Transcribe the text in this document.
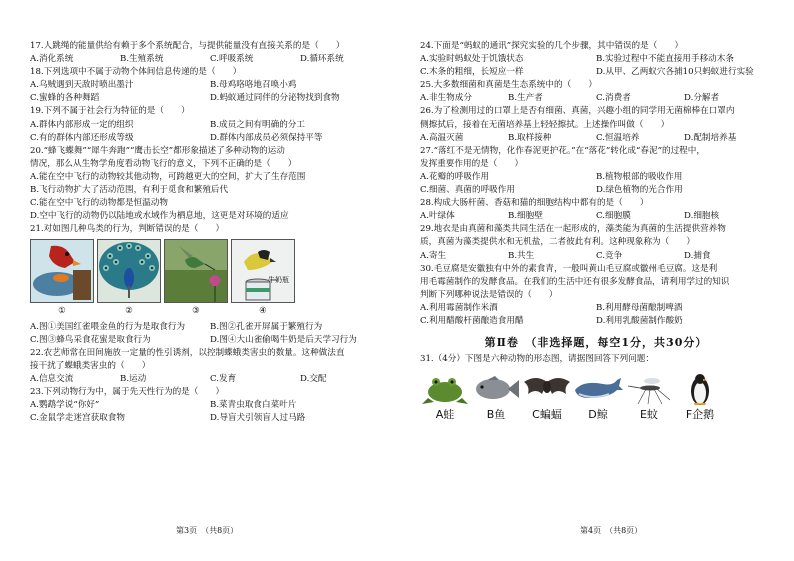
17.人跳绳的能量供给有赖于多个系统配合，与提供能量没有直接关系的是（　　）
A.消化系统	B.生殖系统	C.呼吸系统	D.循环系统
18.下列选项中不属于动物个体间信息传递的是（　　）
A.乌贼遇到天敌时喷出墨汁	B.母鸡咯咯地召唤小鸡
C.蜜蜂的各种舞蹈	D.蚂蚁通过同伴的分泌物找到食物
19.下列不属于社会行为特征的是（　　）
A.群体内部形成一定的组织	B.成员之间有明确的分工
C.有的群体内部还形成等级	D.群体内部成员必须保持平等
20.“蜂飞蝶舞”“犀牛奔跑”“鹰击长空”都形象描述了多种动物的运动
情况，那么从生物学角度看动物飞行的意义，下列不正确的是（　　）
A.能在空中飞行的动物较其他动物，可跨越更大的空间，扩大了生存范围
B.飞行动物扩大了活动范围，有利于觅食和繁殖后代
C.能在空中飞行的动物都是恒温动物
D.空中飞行的动物仍以陆地或水域作为栖息地，这更是对环境的适应
21.对如图几种鸟类的行为，判断错误的是（　　）
牛奶瓶
①	②	③	④
A.图①美国红雀喂金鱼的行为是取食行为	B.图②孔雀开屏属于繁殖行为
C.图③蜂鸟采食花蜜是取食行为	D.图④大山雀偷喝牛奶是后天学习行为
22.农艺师常在田间施放一定量的性引诱剂，以控制蝶蛾类害虫的数量。这种做法直
接干扰了蝶蛾类害虫的（　　）
A.信息交流	B.运动	C.发育	D.交配
23.下列动物行为中，属于先天性行为的是（　　）
A.鹦鹉学说“你好”	B.菜青虫取食白菜叶片
C.金鼠学走迷宫获取食物	D.导盲犬引领盲人过马路
第3页　（共8页）
24.下面是“蚂蚁的通讯”探究实验的几个步骤，其中错误的是（　　）
A.实验时蚂蚁处于饥饿状态	B.实验过程中不能直接用手移动木条
C.木条的粗细，长短应一样	D.从甲、乙两蚁穴各捕10只蚂蚁进行实验
25.大多数细菌和真菌是生态系统中的（　　）
A.非生物成分	B.生产者	C.消费者	D.分解者
26.为了检测用过的口罩上是否有细菌、真菌，兴趣小组的同学用无菌棉棒在口罩内
侧擦拭后，接着在无菌培养基上轻轻擦拭。上述操作叫做（　　）
A.高温灭菌	B.取样接种	C.恒温培养	D.配制培养基
27.“落红不是无情物，化作春泥更护花。”在“落花”转化成“春泥”的过程中，
发挥重要作用的是（　　）
A.花瓣的呼吸作用	B.植物根部的吸收作用
C.细菌、真菌的呼吸作用	D.绿色植物的光合作用
28.构成大肠杆菌、香菇和猫的细胞结构中都有的是（　　）
A.叶绿体	B.细胞壁	C.细胞膜	D.细胞核
29.地衣是由真菌和藻类共同生活在一起形成的，藻类能为真菌的生活提供营养物
质，真菌为藻类提供水和无机盐，二者彼此有利。这种现象称为（　　）
A.寄生	B.共生	C.竞争	D.捕食
30.毛豆腐是安徽独有中外的素食青，一般叫黄山毛豆腐或徽州毛豆腐。这是利
用毛霉菌制作的发酵食品。在我们的生活中还有很多发酵食品，请利用学过的知识
判断下列哪种说法是错误的（　　）
A.利用霉菌制作米酒	B.利用酵母菌酿制啤酒
C.利用醋酸杆菌酿造食用醋	D.利用乳酸菌制作酸奶
第Ⅱ卷　（非选择题，每空1分，共30分）
31.（4分）下图是六种动物的形态图，请据图回答下列问题：
A蛙	B鱼	C蝙蝠	D鲸	E蚊	F企鹅
第4页　（共8页）
